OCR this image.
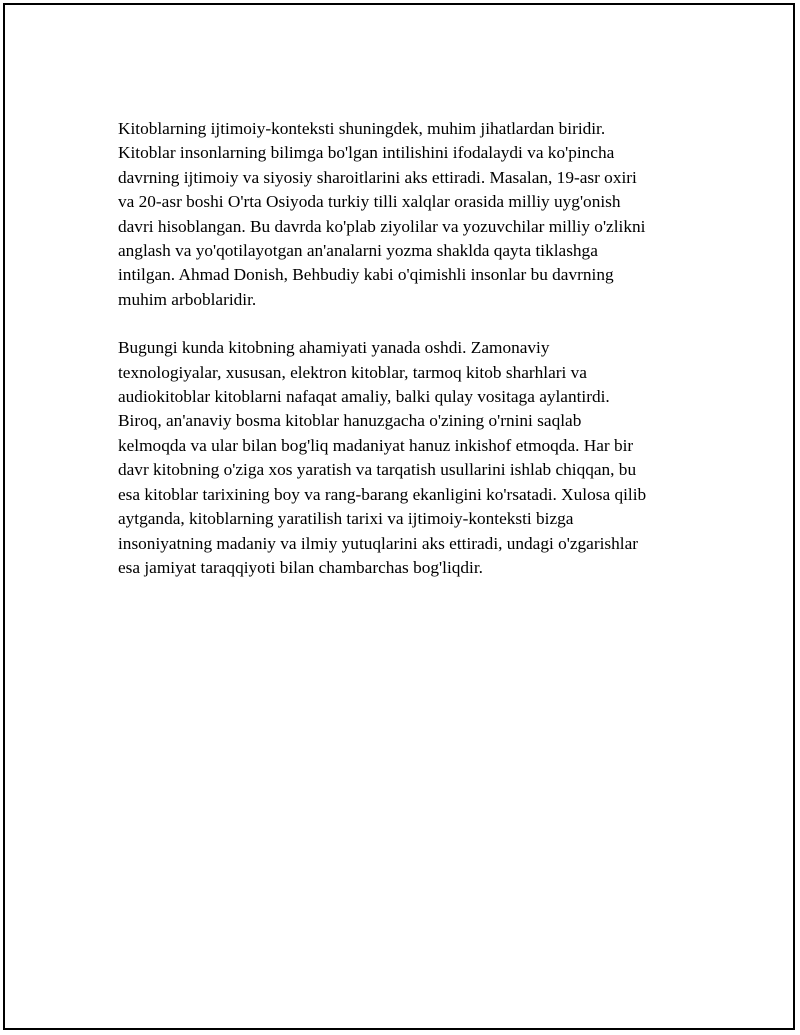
Kitoblarning ijtimoiy-konteksti shuningdek, muhim jihatlardan biridir.
Kitoblar insonlarning bilimga bo'lgan intilishini ifodalaydi va ko'pincha
davrning ijtimoiy va siyosiy sharoitlarini aks ettiradi. Masalan, 19-asr oxiri
va 20-asr boshi O'rta Osiyoda turkiy tilli xalqlar orasida milliy uyg'onish
davri hisoblangan. Bu davrda ko'plab ziyolilar va yozuvchilar milliy o'zlikni
anglash va yo'qotilayotgan an'analarni yozma shaklda qayta tiklashga
intilgan. Ahmad Donish, Behbudiy kabi o'qimishli insonlar bu davrning
muhim arboblaridir.

Bugungi kunda kitobning ahamiyati yanada oshdi. Zamonaviy
texnologiyalar, xususan, elektron kitoblar, tarmoq kitob sharhlari va
audiokitoblar kitoblarni nafaqat amaliy, balki qulay vositaga aylantirdi.
Biroq, an'anaviy bosma kitoblar hanuzgacha o'zining o'rnini saqlab
kelmoqda va ular bilan bog'liq madaniyat hanuz inkishof etmoqda. Har bir
davr kitobning o'ziga xos yaratish va tarqatish usullarini ishlab chiqqan, bu
esa kitoblar tarixining boy va rang-barang ekanligini ko'rsatadi. Xulosa qilib
aytganda, kitoblarning yaratilish tarixi va ijtimoiy-konteksti bizga
insoniyatning madaniy va ilmiy yutuqlarini aks ettiradi, undagi o'zgarishlar
esa jamiyat taraqqiyoti bilan chambarchas bog'liqdir.
